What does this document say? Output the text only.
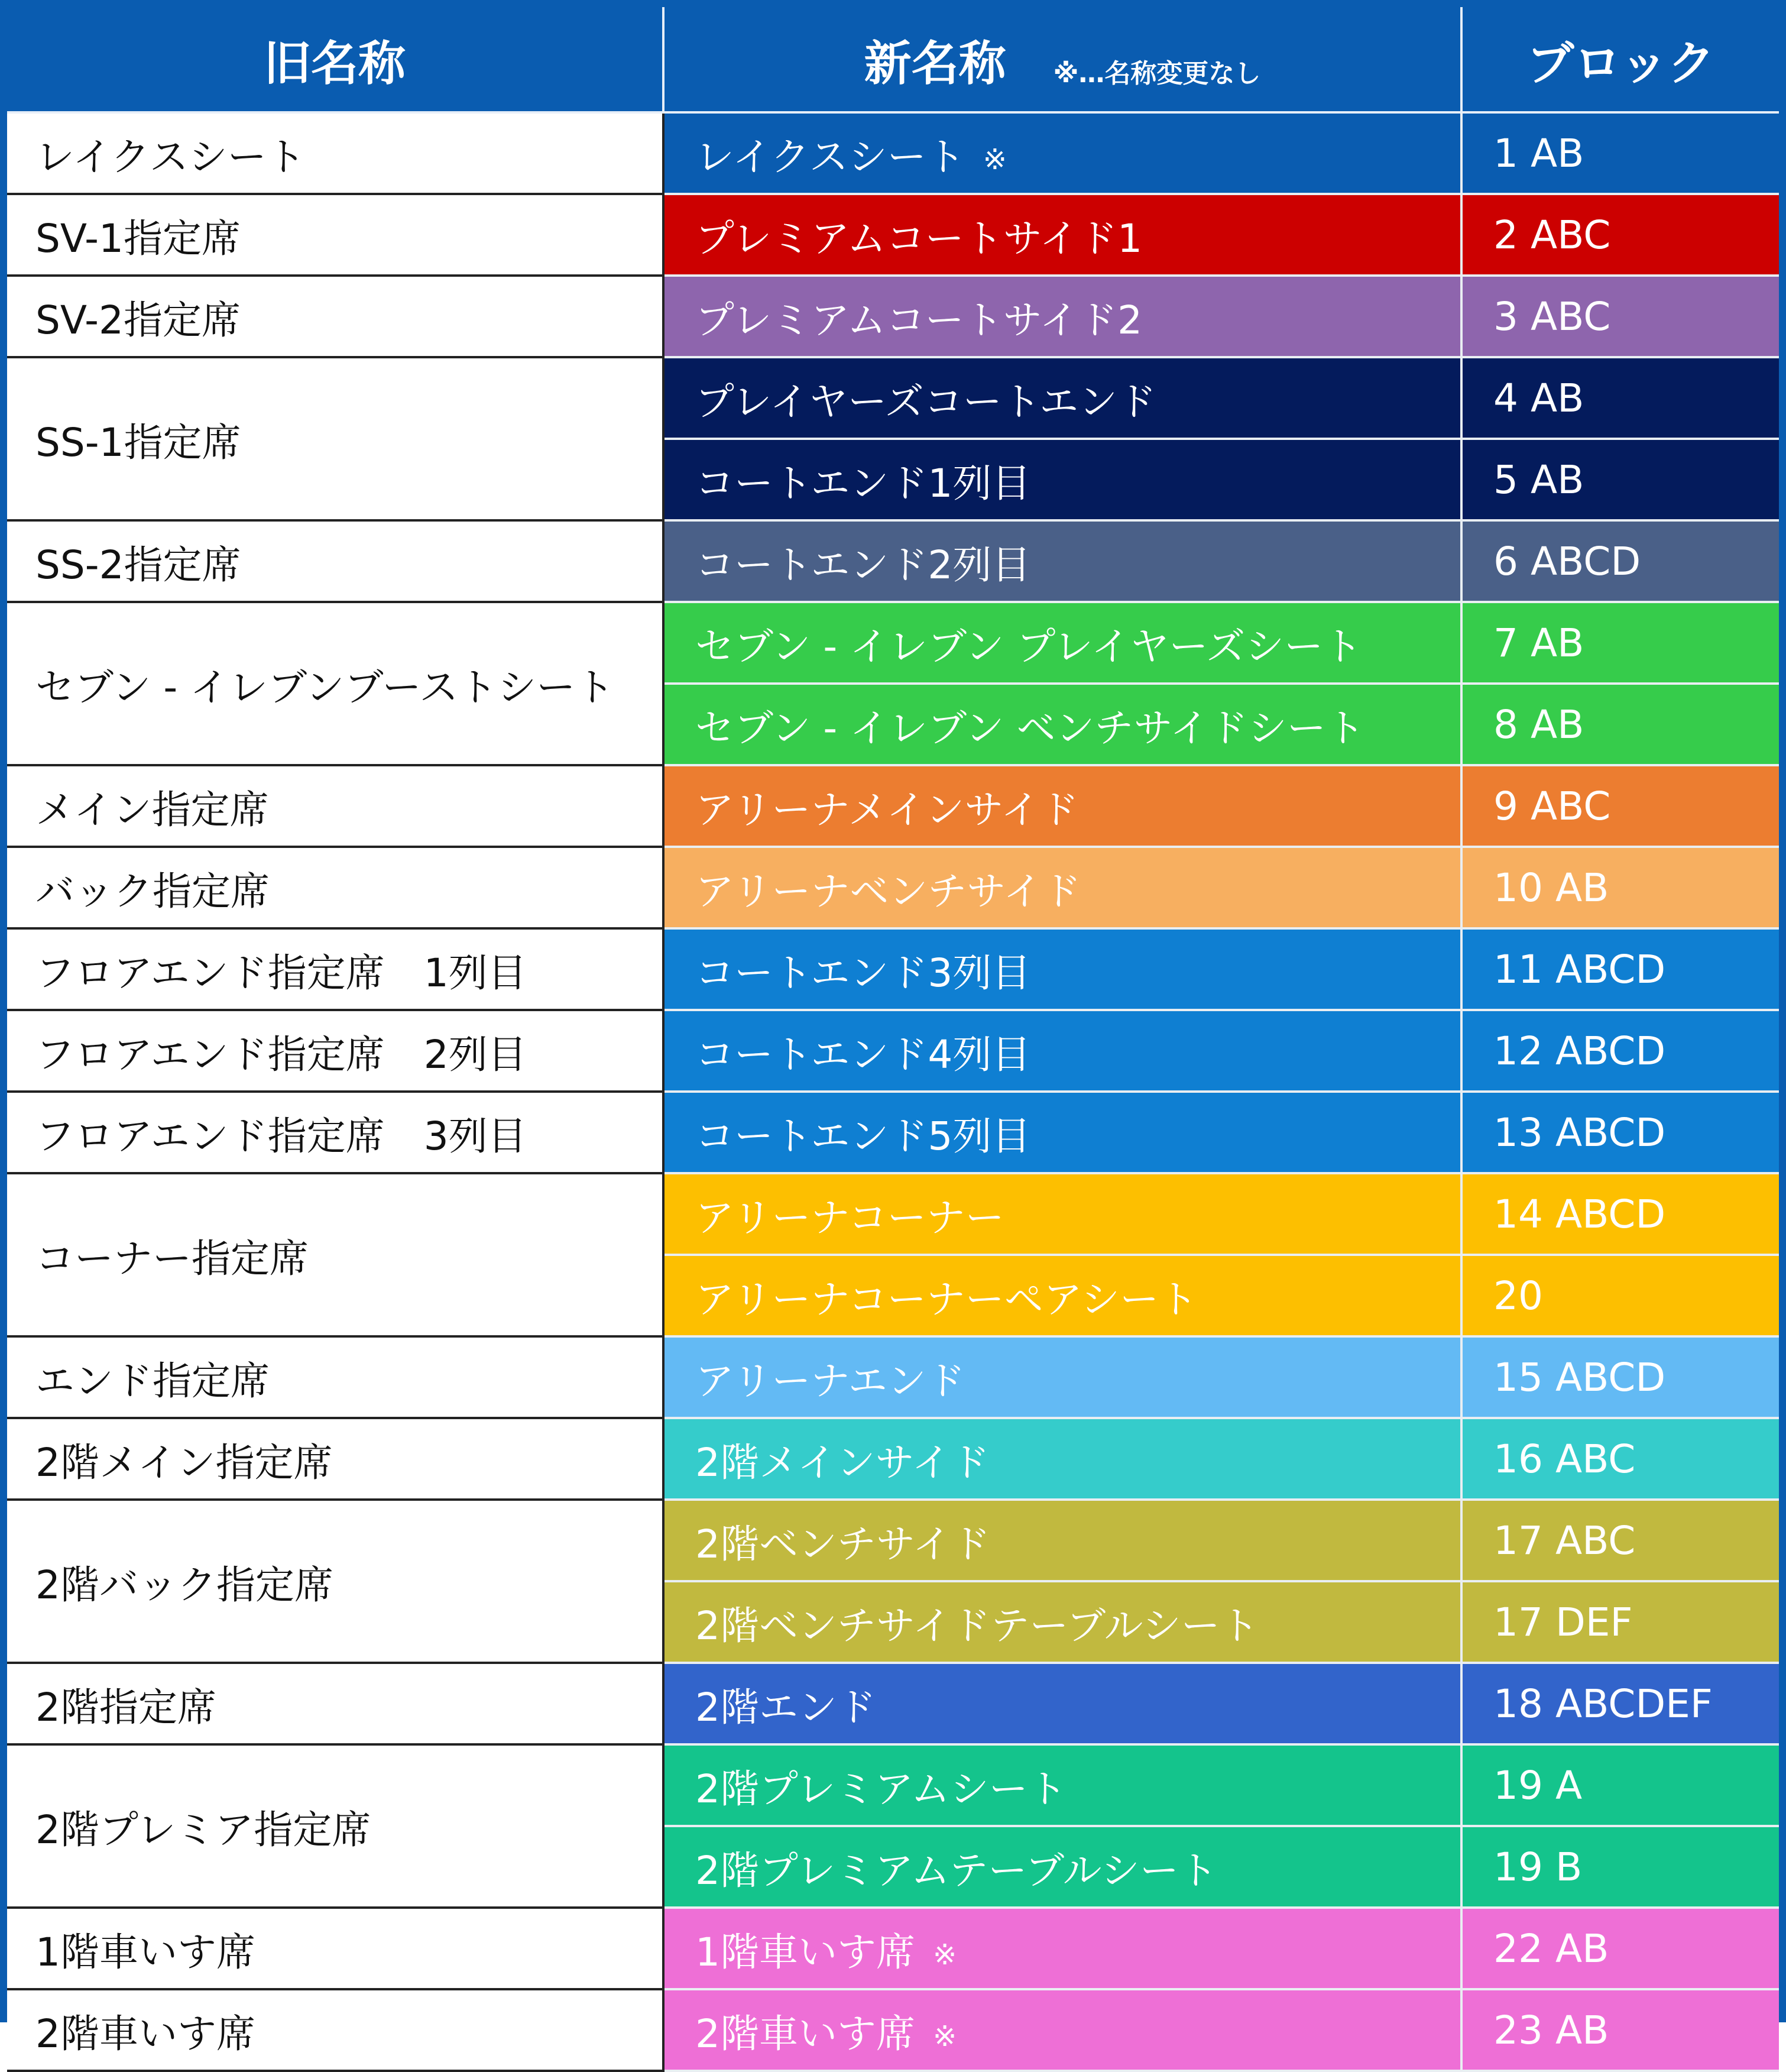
旧名称	新名称 ※…名称変更なし	ブロック
レイクスシート	レイクスシート ※	1 AB
SV-1指定席	プレミアムコートサイド1	2 ABC
SV-2指定席	プレミアムコートサイド2	3 ABC
SS-1指定席	プレイヤーズコートエンド	4 AB
	コートエンド1列目	5 AB
SS-2指定席	コートエンド2列目	6 ABCD
セブン - イレブンブーストシート	セブン - イレブン プレイヤーズシート	7 AB
	セブン - イレブン ベンチサイドシート	8 AB
メイン指定席	アリーナメインサイド	9 ABC
バック指定席	アリーナベンチサイド	10 AB
フロアエンド指定席　1列目	コートエンド3列目	11 ABCD
フロアエンド指定席　2列目	コートエンド4列目	12 ABCD
フロアエンド指定席　3列目	コートエンド5列目	13 ABCD
コーナー指定席	アリーナコーナー	14 ABCD
	アリーナコーナーペアシート	20
エンド指定席	アリーナエンド	15 ABCD
2階メイン指定席	2階メインサイド	16 ABC
2階バック指定席	2階ベンチサイド	17 ABC
	2階ベンチサイドテーブルシート	17 DEF
2階指定席	2階エンド	18 ABCDEF
2階プレミア指定席	2階プレミアムシート	19 A
	2階プレミアムテーブルシート	19 B
1階車いす席	1階車いす席 ※	22 AB
2階車いす席	2階車いす席 ※	23 AB
